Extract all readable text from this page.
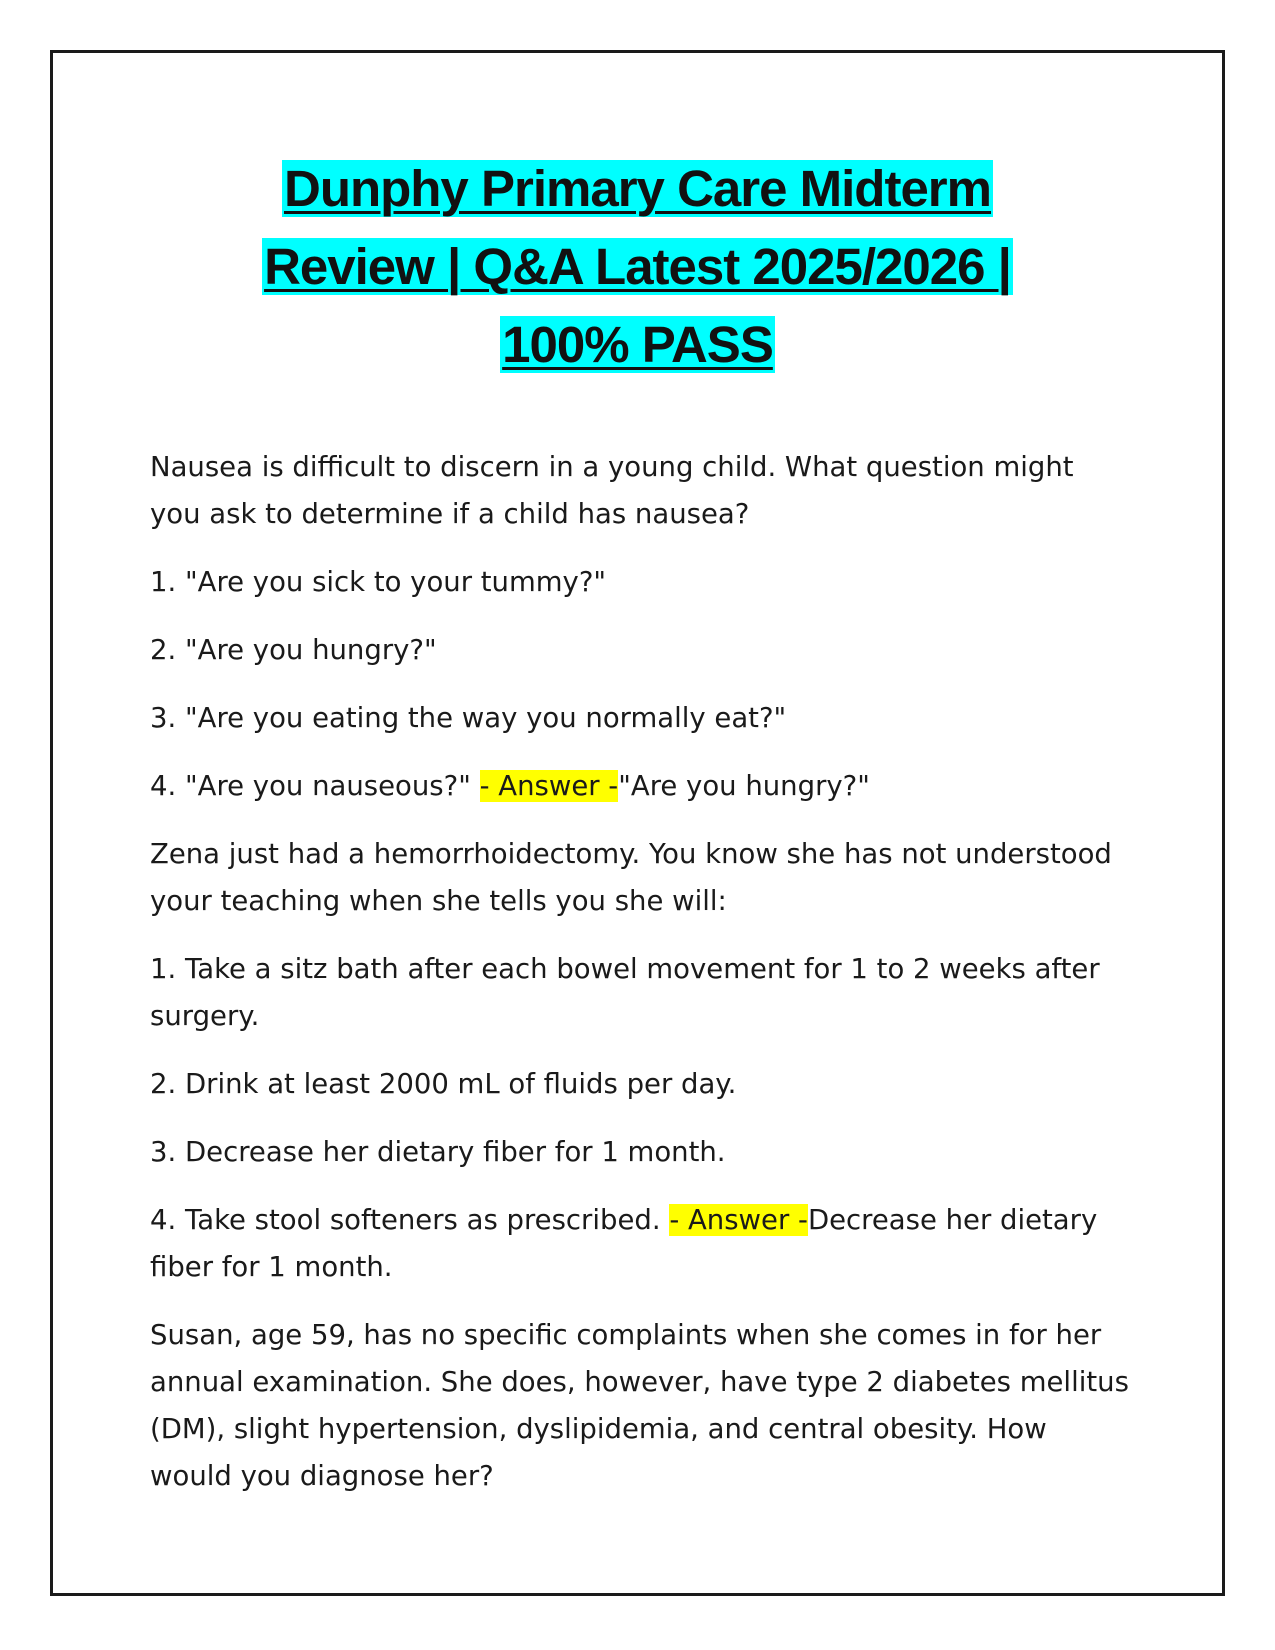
Dunphy Primary Care Midterm
Review | Q&A Latest 2025/2026 |
100% PASS

Nausea is difficult to discern in a young child. What question might you ask to determine if a child has nausea?

1. "Are you sick to your tummy?"

2. "Are you hungry?"

3. "Are you eating the way you normally eat?"

4. "Are you nauseous?" - Answer -"Are you hungry?"

Zena just had a hemorrhoidectomy. You know she has not understood your teaching when she tells you she will:

1. Take a sitz bath after each bowel movement for 1 to 2 weeks after surgery.

2. Drink at least 2000 mL of fluids per day.

3. Decrease her dietary fiber for 1 month.

4. Take stool softeners as prescribed. - Answer -Decrease her dietary fiber for 1 month.

Susan, age 59, has no specific complaints when she comes in for her annual examination. She does, however, have type 2 diabetes mellitus (DM), slight hypertension, dyslipidemia, and central obesity. How would you diagnose her?
